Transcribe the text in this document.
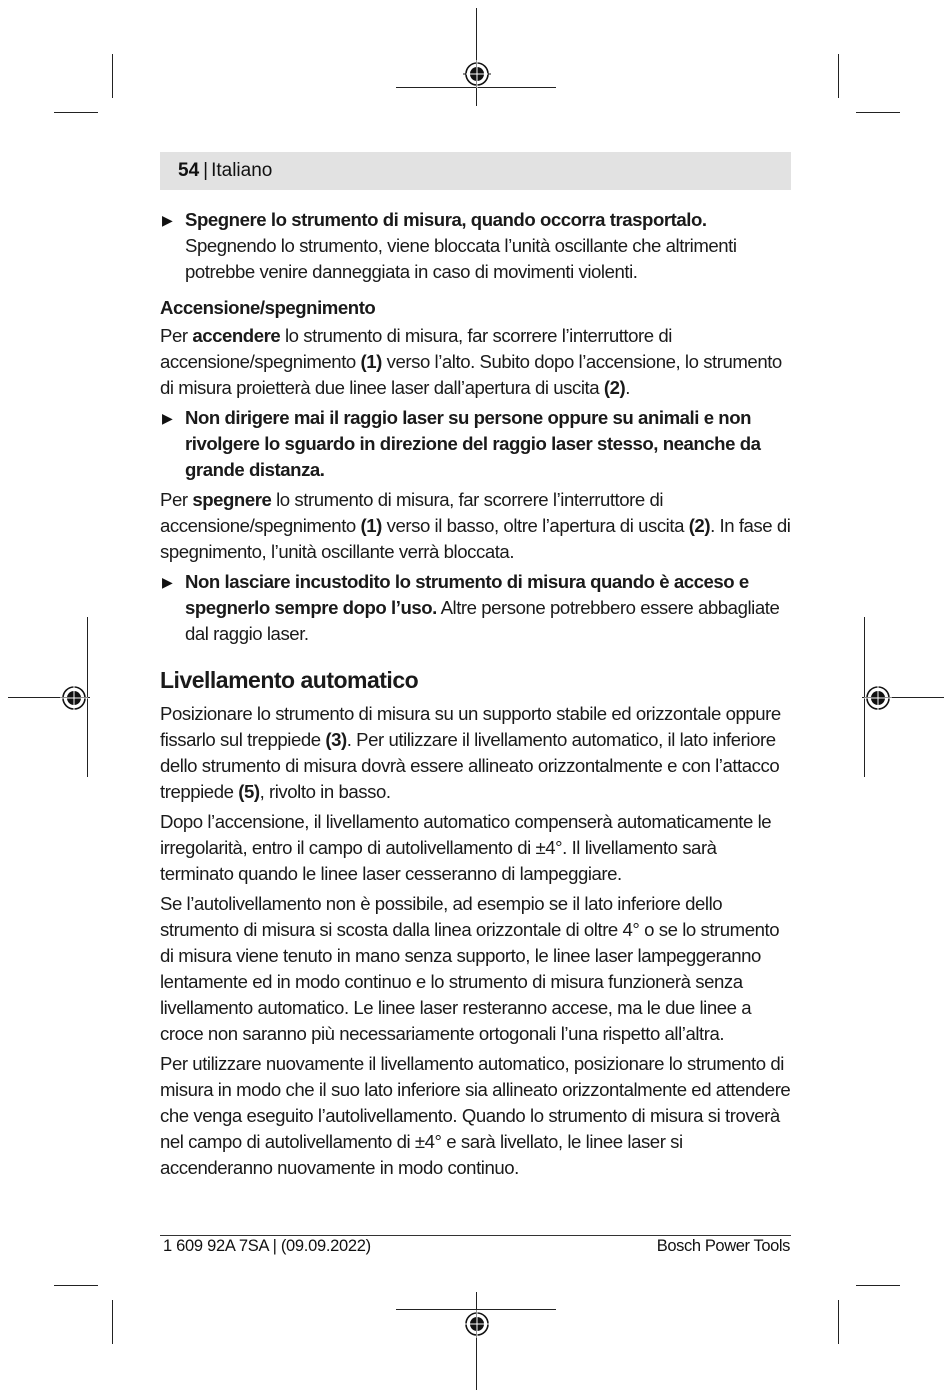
54 | Italiano
▶ Spegnere lo strumento di misura, quando occorra trasportalo. Spegnendo lo strumento, viene bloccata l’unità oscillante che altrimenti potrebbe venire danneggiata in caso di movimenti violenti.
Accensione/spegnimento

Per accendere lo strumento di misura, far scorrere l’interruttore di accensione/spegnimento (1) verso l’alto. Subito dopo l’accensione, lo strumento di misura proietterà due linee laser dall’apertura di uscita (2).

▶ Non dirigere mai il raggio laser su persone oppure su animali e non rivolgere lo sguardo in direzione del raggio laser stesso, neanche da grande distanza.

Per spegnere lo strumento di misura, far scorrere l’interruttore di accensione/spegnimento (1) verso il basso, oltre l’apertura di uscita (2). In fase di spegnimento, l’unità oscillante verrà bloccata.

▶ Non lasciare incustodito lo strumento di misura quando è acceso e spegnerlo sempre dopo l’uso. Altre persone potrebbero essere abbagliate dal raggio laser.
Livellamento automatico

Posizionare lo strumento di misura su un supporto stabile ed orizzontale oppure fissarlo sul treppiede (3). Per utilizzare il livellamento automatico, il lato inferiore dello strumento di misura dovrà essere allineato orizzontalmente e con l’attacco treppiede (5), rivolto in basso.

Dopo l’accensione, il livellamento automatico compenserà automaticamente le irregolarità, entro il campo di autolivellamento di ±4°. Il livellamento sarà terminato quando le linee laser cesseranno di lampeggiare.

Se l’autolivellamento non è possibile, ad esempio se il lato inferiore dello strumento di misura si scosta dalla linea orizzontale di oltre 4° o se lo strumento di misura viene tenuto in mano senza supporto, le linee laser lampeggeranno lentamente ed in modo continuo e lo strumento di misura funzionerà senza livellamento automatico. Le linee laser resteranno accese, ma le due linee a croce non saranno più necessariamente ortogonali l’una rispetto all’altra.

Per utilizzare nuovamente il livellamento automatico, posizionare lo strumento di misura in modo che il suo lato inferiore sia allineato orizzontalmente ed attendere che venga eseguito l’autolivellamento. Quando lo strumento di misura si troverà nel campo di autolivellamento di ±4° e sarà livellato, le linee laser si accenderanno nuovamente in modo continuo.

1 609 92A 7SA | (09.09.2022)	Bosch Power Tools
